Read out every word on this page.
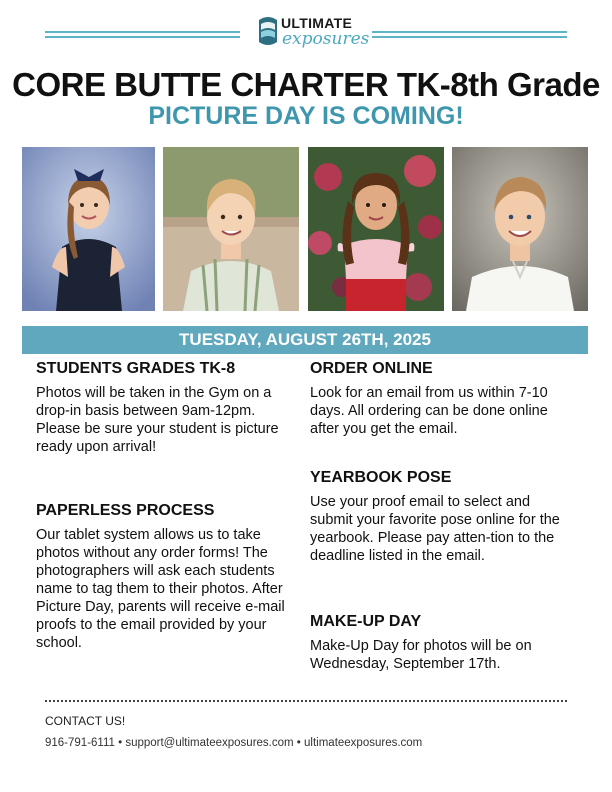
ULTIMATE
exposures
CORE BUTTE CHARTER TK-8th Grade
PICTURE DAY IS COMING!
TUESDAY, AUGUST 26TH, 2025

STUDENTS GRADES TK-8

Photos will be taken in the Gym on a drop-in basis between 9am-12pm. Please be sure your student is picture ready upon arrival!

PAPERLESS PROCESS

Our tablet system allows us to take photos without any order forms! The photographers will ask each students name to tag them to their photos. After Picture Day, parents will receive e-mail proofs to the email provided by your school.

ORDER ONLINE

Look for an email from us within 7-10 days. All ordering can be done online after you get the email.

YEARBOOK POSE

Use your proof email to select and submit your favorite pose online for the yearbook. Please pay atten-tion to the deadline listed in the email.

MAKE-UP DAY

Make-Up Day for photos will be on Wednesday, September 17th.

CONTACT US!
916-791-6111 • support@ultimateexposures.com • ultimateexposures.com
